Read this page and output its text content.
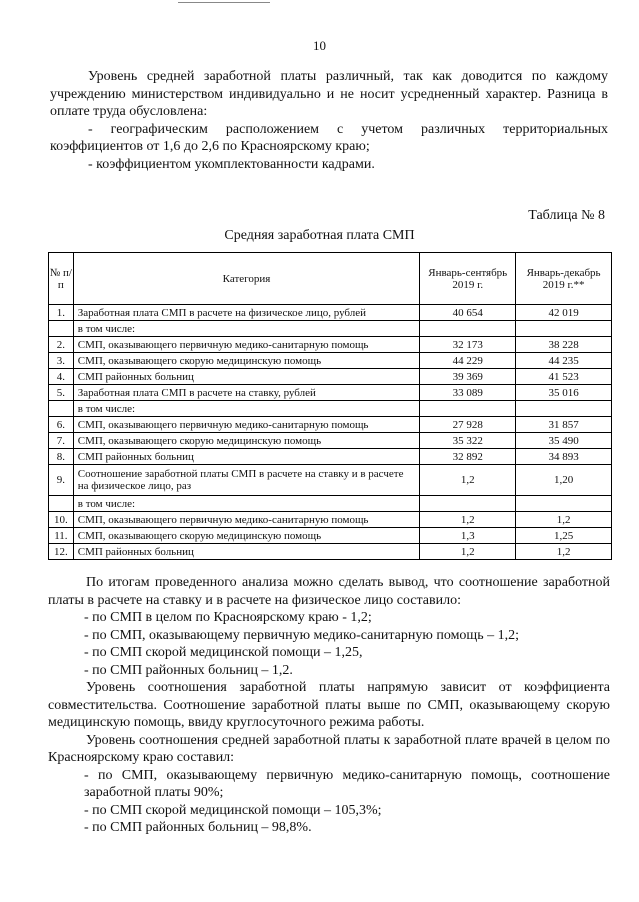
10

Уровень средней заработной платы различный, так как доводится по каждому учреждению министерством индивидуально и не носит усредненный характер. Разница в оплате труда обусловлена:

- географическим расположением с учетом различных территориальных коэффициентов от 1,6 до 2,6 по Красноярскому краю;

- коэффициентом укомплектованности кадрами.

Таблица № 8
Средняя заработная плата СМП
№ п/п	Категория	Январь-сентябрь 2019 г.	Январь-декабрь 2019 г.**
1.	Заработная плата СМП в расчете на физическое лицо, рублей	40 654	42 019
	в том числе:		
2.	СМП, оказывающего первичную медико-санитарную помощь	32 173	38 228
3.	СМП, оказывающего скорую медицинскую помощь	44 229	44 235
4.	СМП районных больниц	39 369	41 523
5.	Заработная плата СМП в расчете на ставку, рублей	33 089	35 016
	в том числе:		
6.	СМП, оказывающего первичную медико-санитарную помощь	27 928	31 857
7.	СМП, оказывающего скорую медицинскую помощь	35 322	35 490
8.	СМП районных больниц	32 892	34 893
9.	Соотношение заработной платы СМП в расчете на ставку и в расчете на физическое лицо, раз	1,2	1,20
	в том числе:		
10.	СМП, оказывающего первичную медико-санитарную помощь	1,2	1,2
11.	СМП, оказывающего скорую медицинскую помощь	1,3	1,25
12.	СМП районных больниц	1,2	1,2

По итогам проведенного анализа можно сделать вывод, что соотношение заработной платы в расчете на ставку и в расчете на физическое лицо составило:

- по СМП в целом по Красноярскому краю - 1,2;

- по СМП, оказывающему первичную медико-санитарную помощь – 1,2;

- по СМП скорой медицинской помощи – 1,25,

- по СМП районных больниц – 1,2.

Уровень соотношения заработной платы напрямую зависит от коэффициента совместительства. Соотношение заработной платы выше по СМП, оказывающему скорую медицинскую помощь, ввиду круглосуточного режима работы.

Уровень соотношения средней заработной платы к заработной плате врачей в целом по Красноярскому краю составил:

- по СМП, оказывающему первичную медико-санитарную помощь, соотношение заработной платы 90%;

- по СМП скорой медицинской помощи – 105,3%;

- по СМП районных больниц – 98,8%.
